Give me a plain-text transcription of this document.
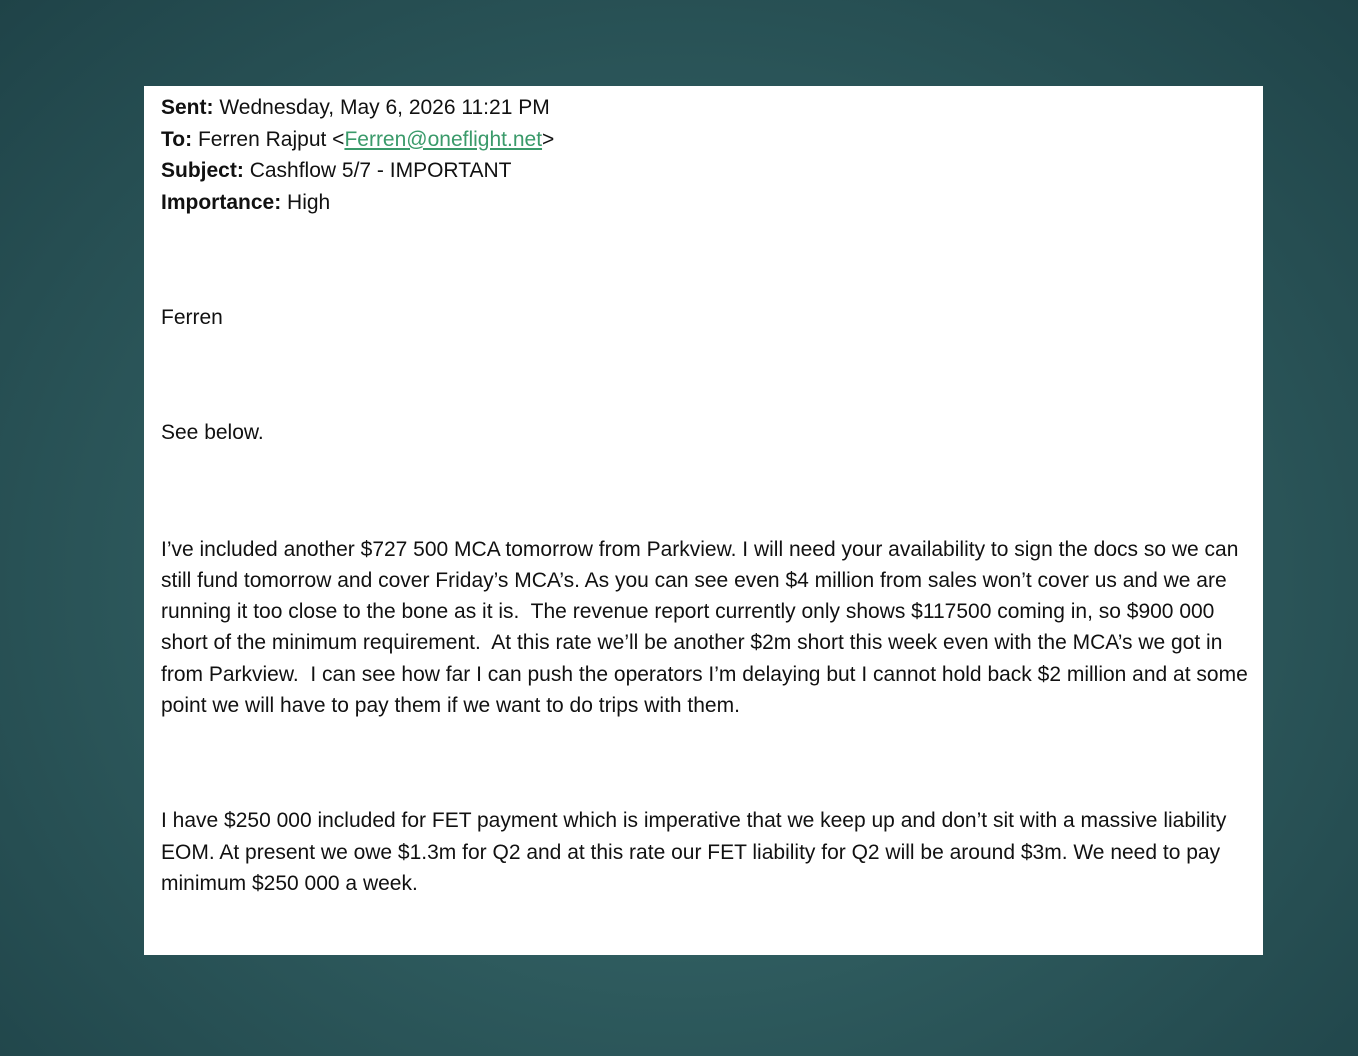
Sent: Wednesday, May 6, 2026 11:21 PM
To: Ferren Rajput <Ferren@oneflight.net>
Subject: Cashflow 5/7 - IMPORTANT
Importance: High

Ferren

See below.

I’ve included another $727 500 MCA tomorrow from Parkview. I will need your availability to sign the docs so we can still fund tomorrow and cover Friday’s MCA’s. As you can see even $4 million from sales won’t cover us and we are running it too close to the bone as it is.  The revenue report currently only shows $117500 coming in, so $900 000 short of the minimum requirement.  At this rate we’ll be another $2m short this week even with the MCA’s we got in from Parkview.  I can see how far I can push the operators I’m delaying but I cannot hold back $2 million and at some point we will have to pay them if we want to do trips with them.

I have $250 000 included for FET payment which is imperative that we keep up and don’t sit with a massive liability EOM. At present we owe $1.3m for Q2 and at this rate our FET liability for Q2 will be around $3m. We need to pay minimum $250 000 a week.
